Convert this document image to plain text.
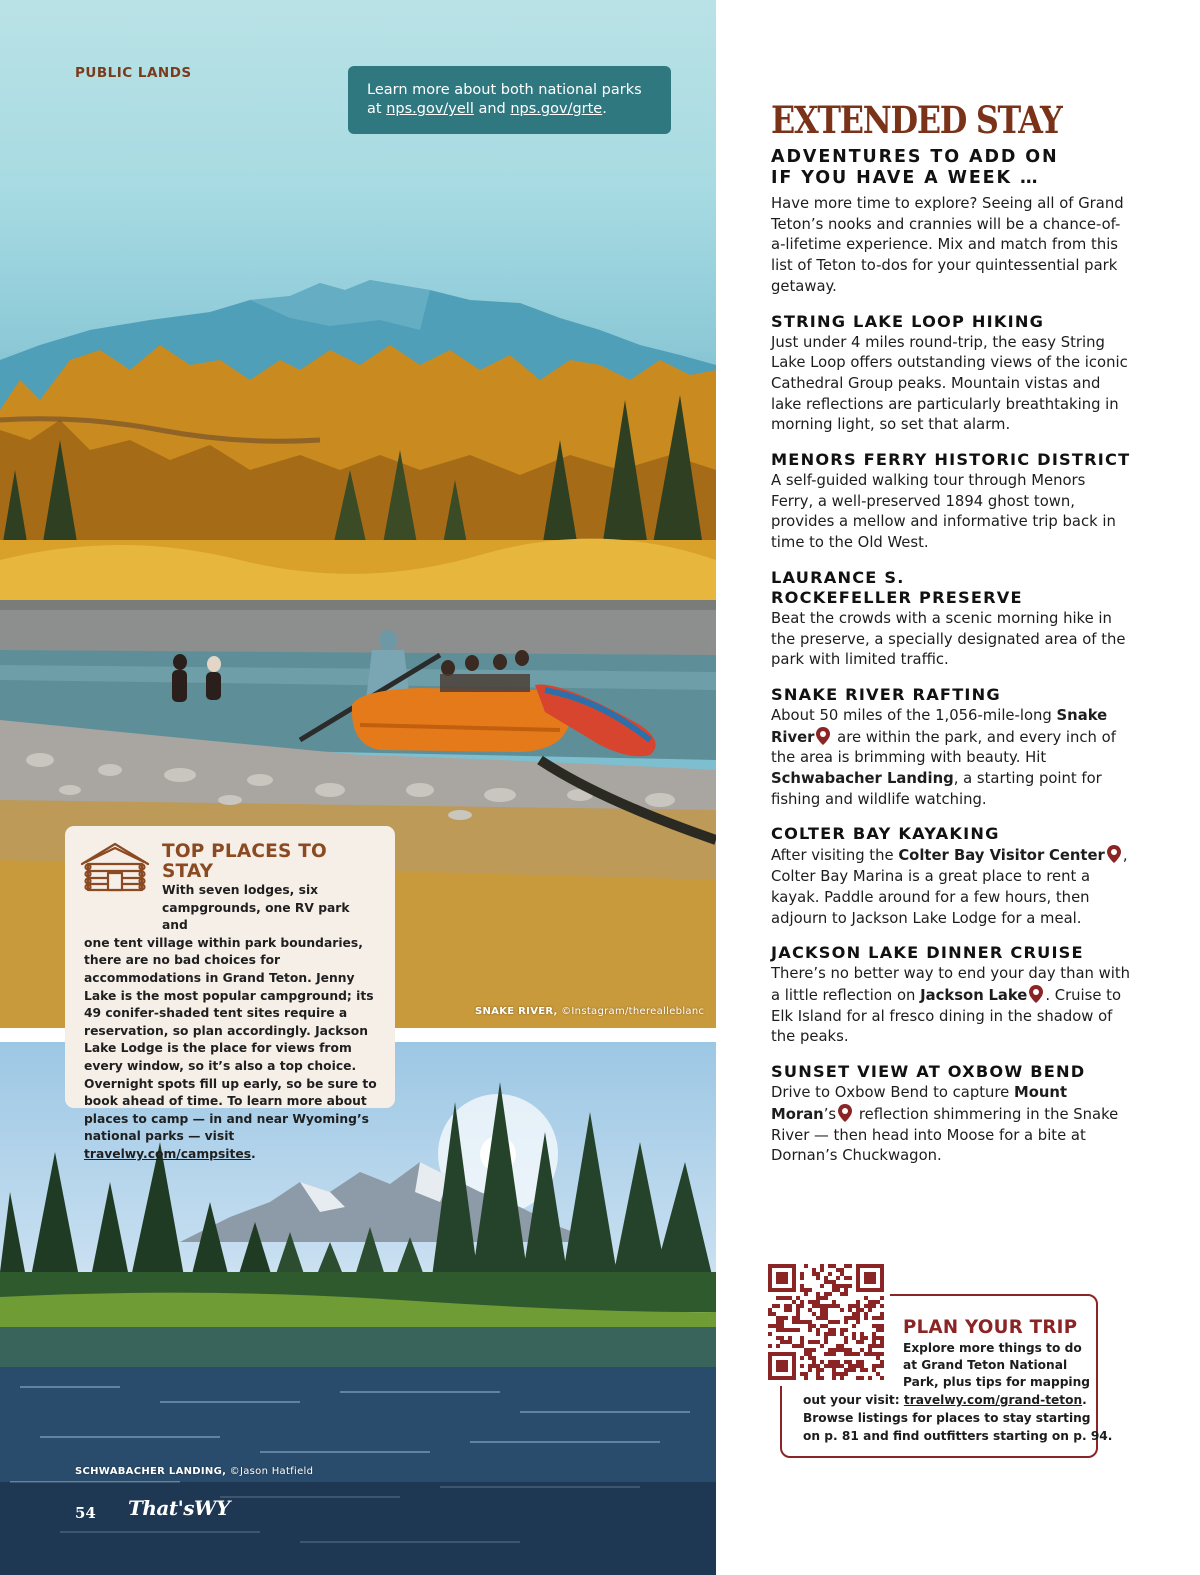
PUBLIC LANDS
Learn more about both national parks
at nps.gov/yell and nps.gov/grte.
SNAKE RIVER, ©Instagram/therealleblanc
SCHWABACHER LANDING, ©Jason Hatfield
54 That'sWY
TOP PLACES TO STAY
With seven lodges, six
campgrounds, one RV park and
one tent village within park boundaries, there are no bad choices for accommodations in Grand Teton. Jenny Lake is the most popular campground; its 49 conifer-shaded tent sites require a reservation, so plan accordingly. Jackson Lake Lodge is the place for views from every window, so it’s also a top choice. Overnight spots fill up early, so be sure to book ahead of time. To learn more about places to camp — in and near Wyoming’s national parks — visit travelwy.com/campsites.
EXTENDED STAY
ADVENTURES TO ADD ON
IF YOU HAVE A WEEK …
Have more time to explore? Seeing all of Grand Teton’s nooks and crannies will be a chance-of-a-lifetime experience. Mix and match from this list of Teton to-dos for your quintessential park getaway.
STRING LAKE LOOP HIKING
Just under 4 miles round-trip, the easy String Lake Loop offers outstanding views of the iconic Cathedral Group peaks. Mountain vistas and lake reflections are particularly breathtaking in morning light, so set that alarm.
MENORS FERRY HISTORIC DISTRICT
A self-guided walking tour through Menors Ferry, a well-preserved 1894 ghost town, provides a mellow and informative trip back in time to the Old West.
LAURANCE S.
ROCKEFELLER PRESERVE
Beat the crowds with a scenic morning hike in the preserve, a specially designated area of the park with limited traffic.
SNAKE RIVER RAFTING
About 50 miles of the 1,056-mile-long Snake River are within the park, and every inch of the area is brimming with beauty. Hit Schwabacher Landing, a starting point for fishing and wildlife watching.
COLTER BAY KAYAKING
After visiting the Colter Bay Visitor Center , Colter Bay Marina is a great place to rent a kayak. Paddle around for a few hours, then adjourn to Jackson Lake Lodge for a meal.
JACKSON LAKE DINNER CRUISE
There’s no better way to end your day than with a little reflection on Jackson Lake . Cruise to Elk Island for al fresco dining in the shadow of the peaks.
SUNSET VIEW AT OXBOW BEND
Drive to Oxbow Bend to capture Mount Moran’s reflection shimmering in the Snake River — then head into Moose for a bite at Dornan’s Chuckwagon.
PLAN YOUR TRIP
Explore more things to do
at Grand Teton National
Park, plus tips for mapping
out your visit: travelwy.com/grand-teton.
Browse listings for places to stay starting
on p. 81 and find outfitters starting on p. 94.
